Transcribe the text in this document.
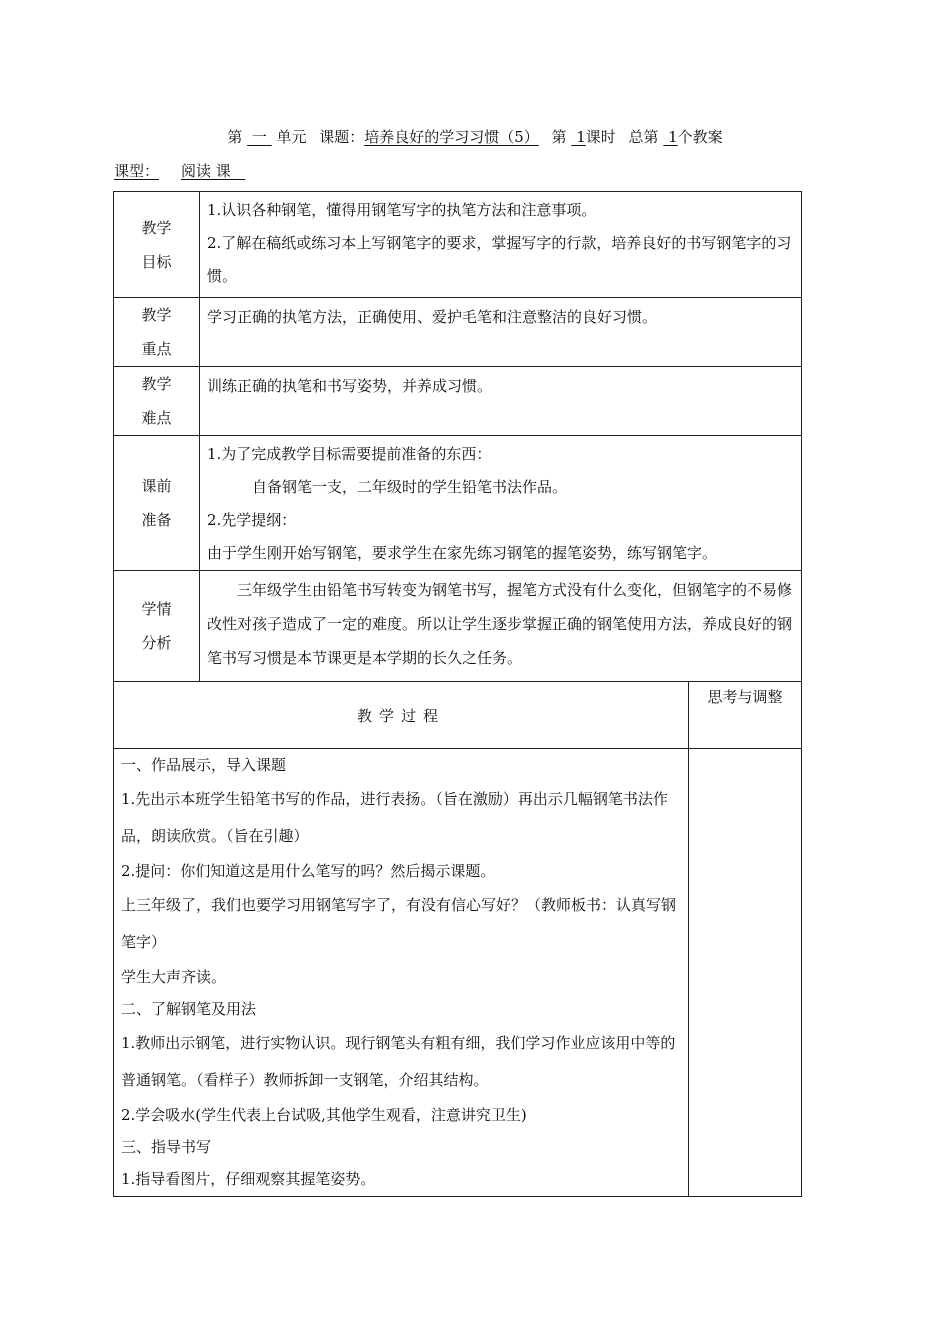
第 一 单元 课题：培养良好的学习习惯（5） 第 1课时 总第 1个教案
课型： 阅读 课
教学
目标

1.认识各种钢笔，懂得用钢笔写字的执笔方法和注意事项。

2.了解在稿纸或练习本上写钢笔字的要求，掌握写字的行款，培养良好的书写钢笔字的习惯。

教学
重点

学习正确的执笔方法，正确使用、爱护毛笔和注意整洁的良好习惯。

教学
难点

训练正确的执笔和书写姿势，并养成习惯。

课前
准备

1.为了完成教学目标需要提前准备的东西：

自备钢笔一支，二年级时的学生铅笔书法作品。

2.先学提纲：

由于学生刚开始写钢笔，要求学生在家先练习钢笔的握笔姿势，练写钢笔字。

学情
分析

三年级学生由铅笔书写转变为钢笔书写，握笔方式没有什么变化，但钢笔字的不易修改性对孩子造成了一定的难度。所以让学生逐步掌握正确的钢笔使用方法，养成良好的钢笔书写习惯是本节课更是本学期的长久之任务。

教学过程
思考与调整

一、作品展示，导入课题

1.先出示本班学生铅笔书写的作品，进行表扬。（旨在激励）再出示几幅钢笔书法作品，朗读欣赏。（旨在引趣）

2.提问：你们知道这是用什么笔写的吗？然后揭示课题。

上三年级了，我们也要学习用钢笔写字了，有没有信心写好？（教师板书：认真写钢笔字）

学生大声齐读。

二、了解钢笔及用法

1.教师出示钢笔，进行实物认识。现行钢笔头有粗有细，我们学习作业应该用中等的普通钢笔。（看样子）教师拆卸一支钢笔，介绍其结构。

2.学会吸水(学生代表上台试吸,其他学生观看，注意讲究卫生)

三、指导书写

1.指导看图片，仔细观察其握笔姿势。
